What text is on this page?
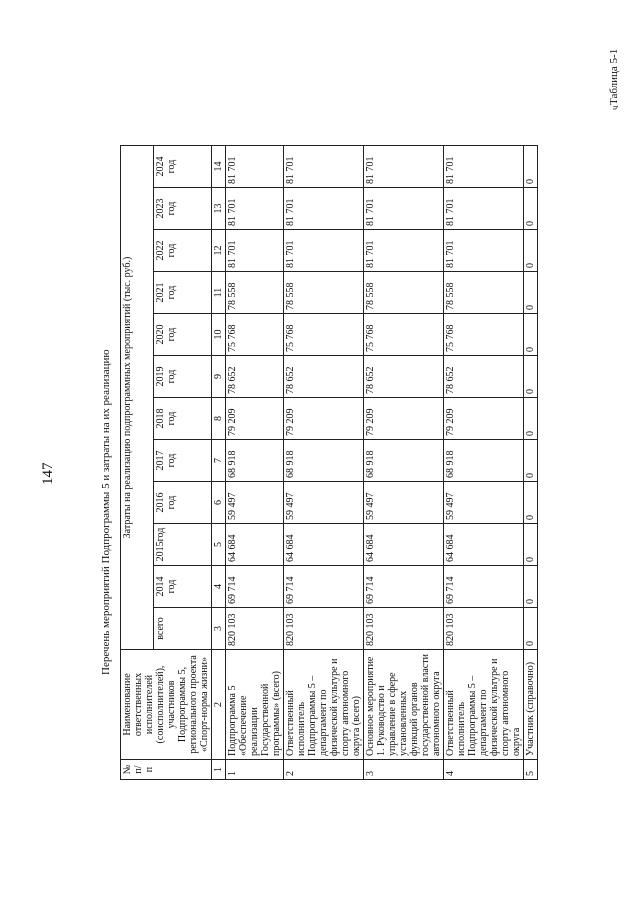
147	Перечень мероприятий Подпрограммы 5 и затраты на их реализацию
Таблица 5-1
№ п/п	Наименование ответственных исполнителей (соисполнителей), участников Подпрограммы 5, регионального проекта «Спорт-норма жизни»	Затраты на реализацию подпрограммных мероприятий (тыс. руб.)											
		всего	2014 год	2015год	2016 год	2017 год	2018 год	2019 год	2020 год	2021 год	2022 год	2023 год	2024 год
1	2	3	4	5	6	7	8	9	10	11	12	13	14
1	Подпрограмма 5 «Обеспечение реализации Государственной программы» (всего)	820 103	69 714	64 684	59 497	68 918	79 209	78 652	75 768	78 558	81 701	81 701	81 701
2	Ответственный исполнитель Подпрограммы 5 – департамент по физической культуре и спорту автономного округа (всего)	820 103	69 714	64 684	59 497	68 918	79 209	78 652	75 768	78 558	81 701	81 701	81 701
3	Основное мероприятие 1. Руководство и управление в сфере установленных функций органов государственной власти автономного округа	820 103	69 714	64 684	59 497	68 918	79 209	78 652	75 768	78 558	81 701	81 701	81 701
4	Ответственный исполнитель Подпрограммы 5 – департамент по физической культуре и спорту автономного округа	820 103	69 714	64 684	59 497	68 918	79 209	78 652	75 768	78 558	81 701	81 701	81 701
5	Участник (справочно)	0	0	0	0	0	0	0	0	0	0	0	0
ч
